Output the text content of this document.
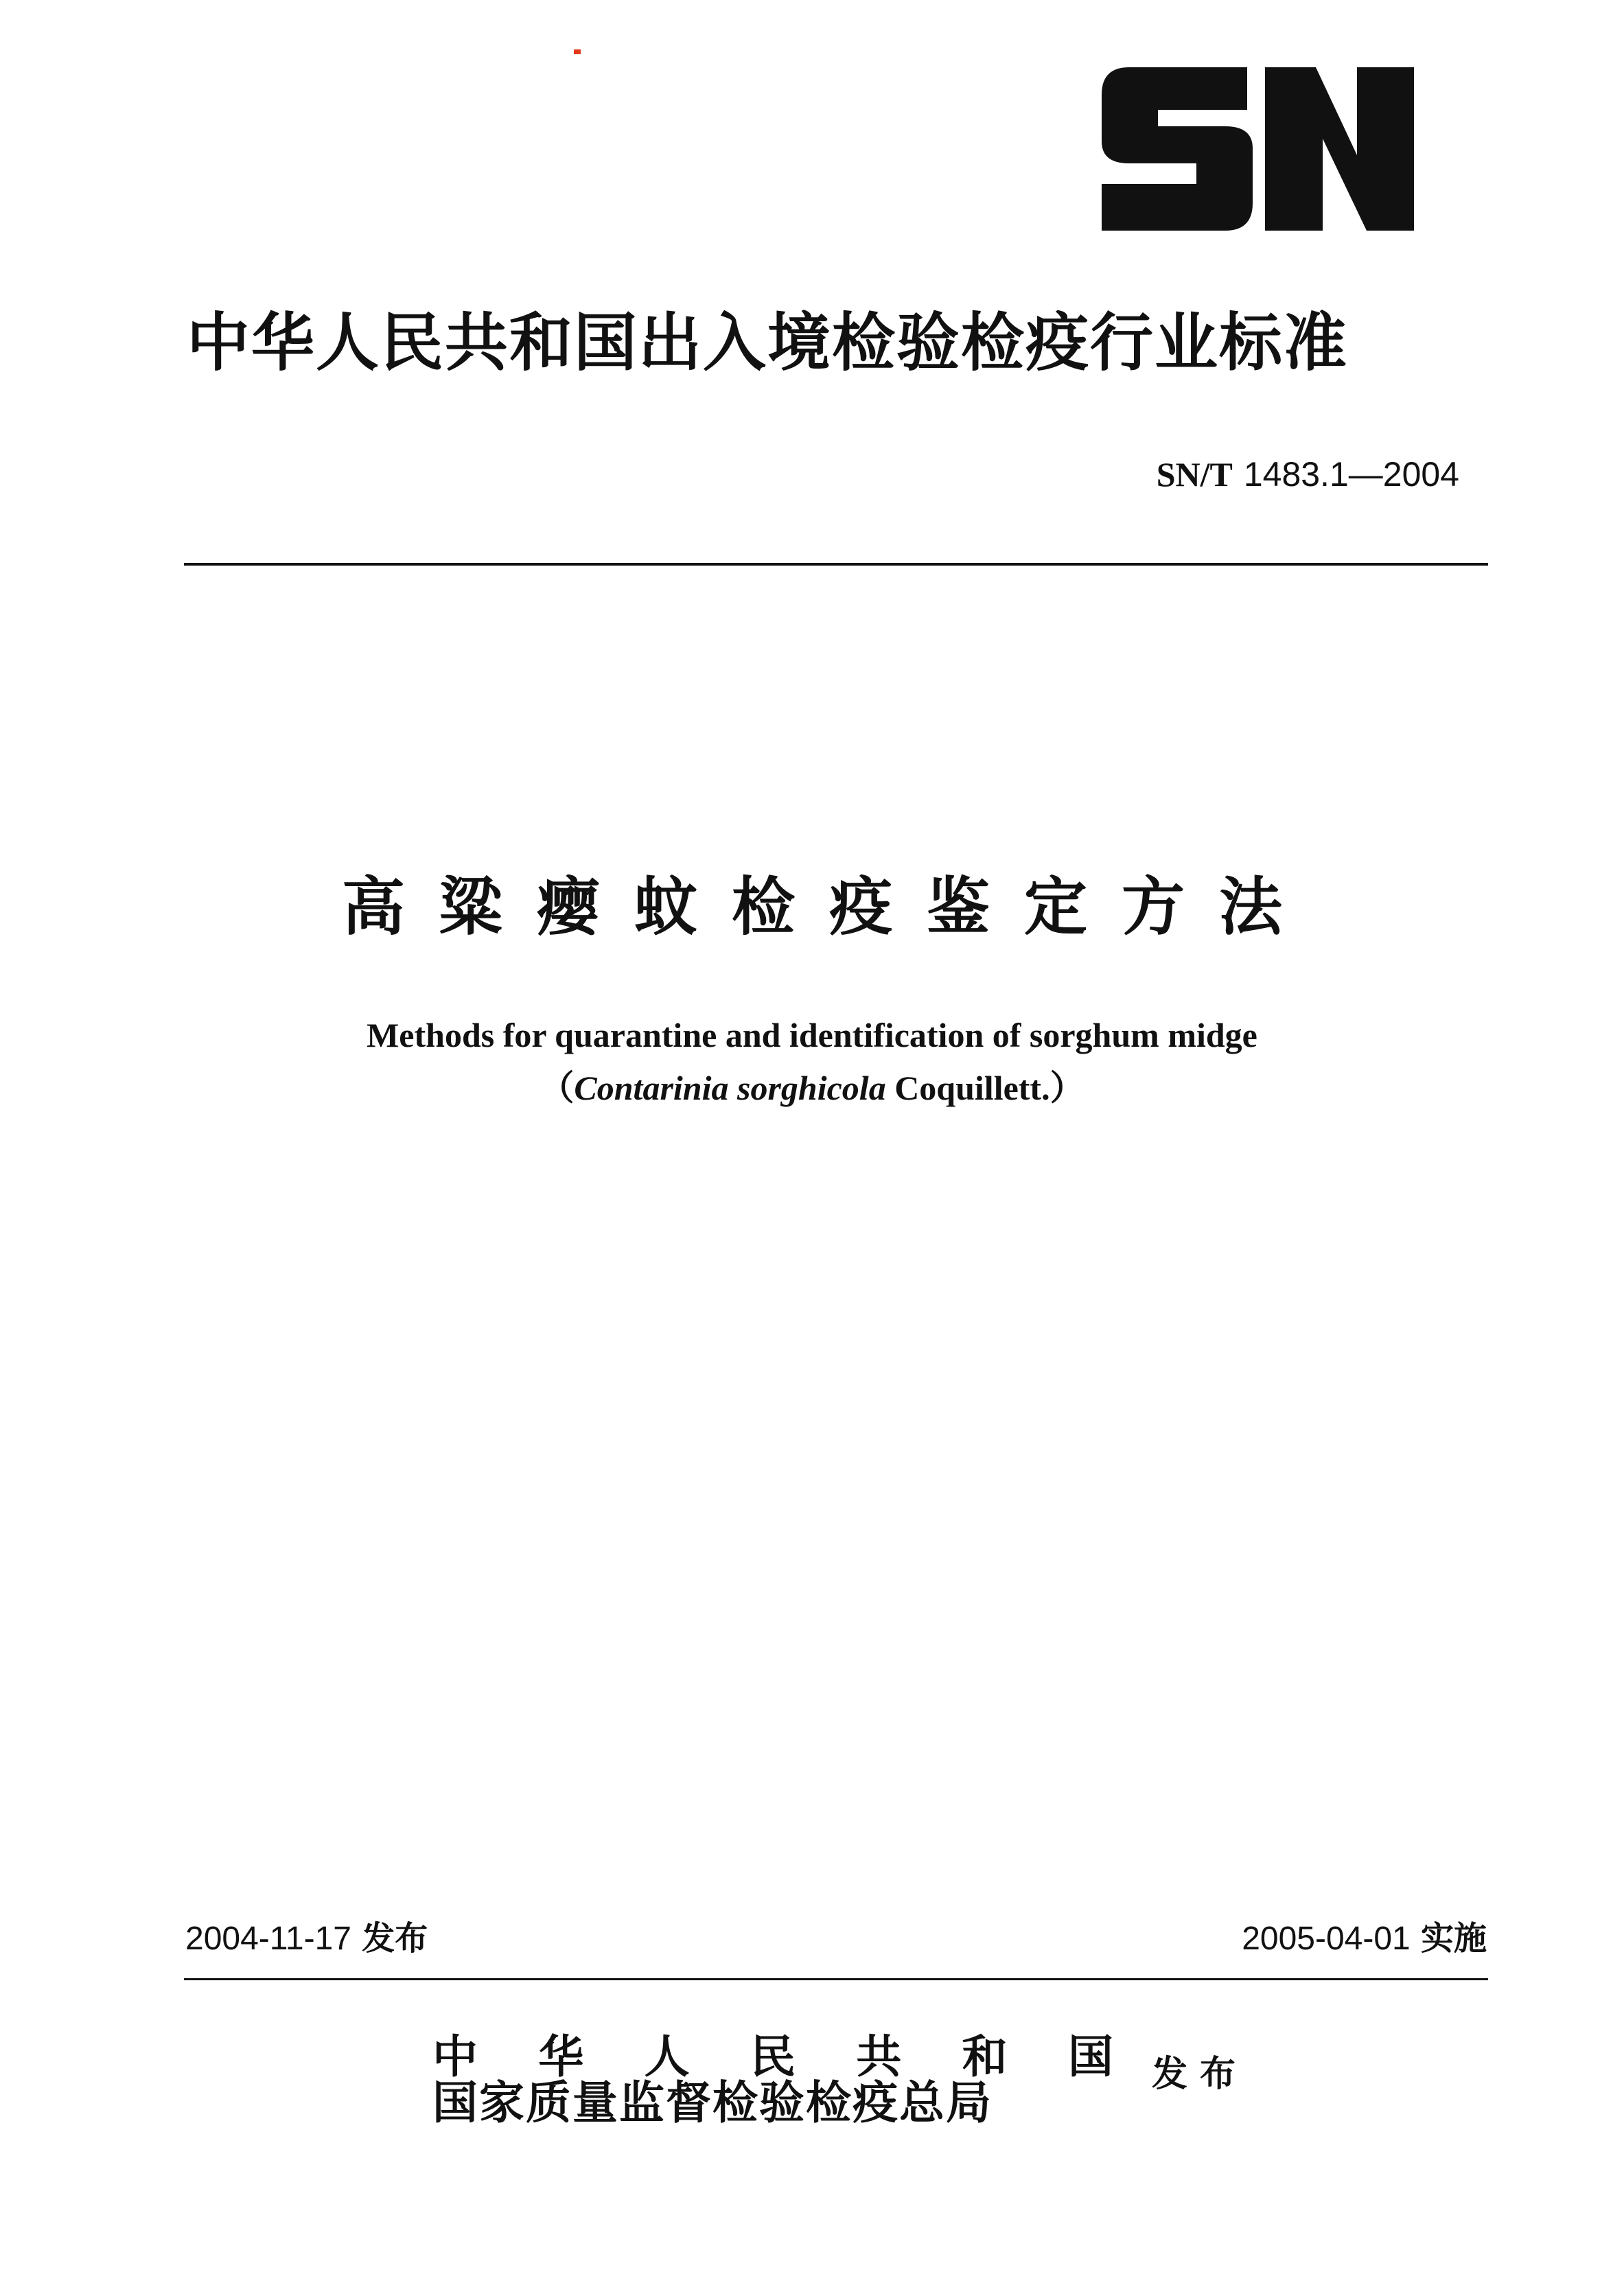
中华人民共和国出入境检验检疫行业标准
SN/T 1483.1—2004
高粱瘿蚊检疫鉴定方法
Methods for quarantine and identification of sorghum midge
（Contarinia sorghicola Coquillett.）
2004-11-17 发布	2005-04-01 实施
中 华 人 民 共 和 国
国家质量监督检验检疫总局
发布
